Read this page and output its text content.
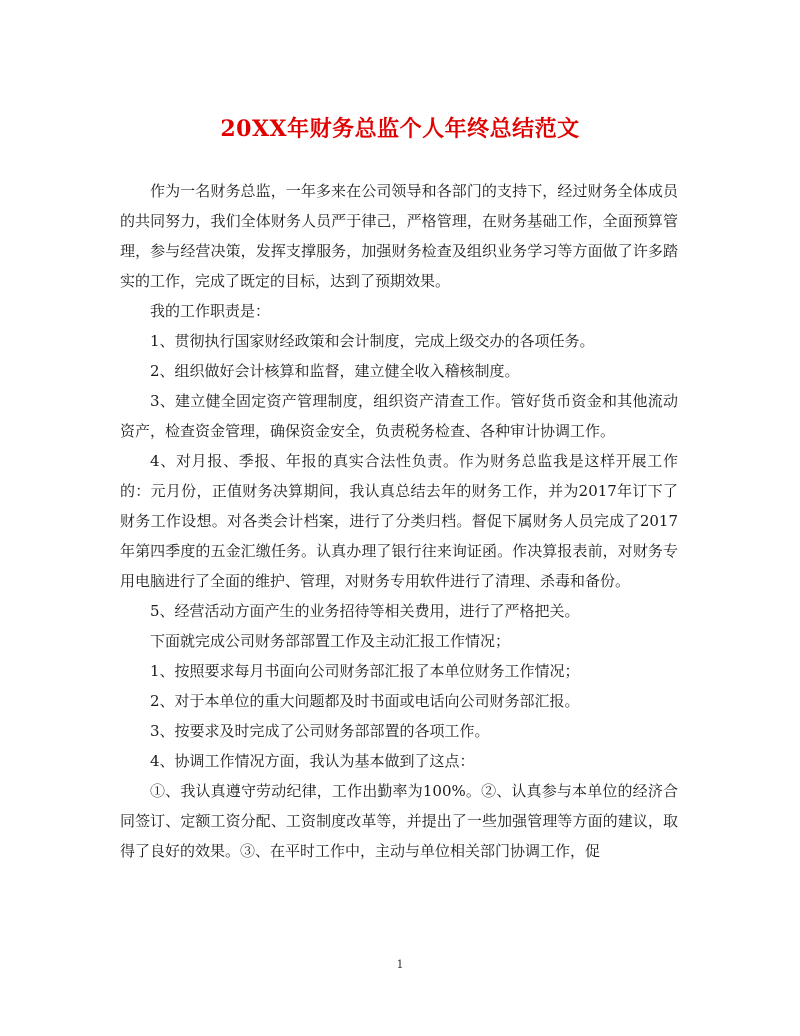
20XX年财务总监个人年终总结范文

作为一名财务总监，一年多来在公司领导和各部门的支持下，经过财务全体成员的共同努力，我们全体财务人员严于律己，严格管理，在财务基础工作，全面预算管理，参与经营决策，发挥支撑服务，加强财务检查及组织业务学习等方面做了许多踏实的工作，完成了既定的目标，达到了预期效果。

我的工作职责是：

1、贯彻执行国家财经政策和会计制度，完成上级交办的各项任务。

2、组织做好会计核算和监督，建立健全收入稽核制度。

3、建立健全固定资产管理制度，组织资产清查工作。管好货币资金和其他流动资产，检查资金管理，确保资金安全，负责税务检查、各种审计协调工作。

4、对月报、季报、年报的真实合法性负责。作为财务总监我是这样开展工作的：元月份，正值财务决算期间，我认真总结去年的财务工作，并为2017年订下了财务工作设想。对各类会计档案，进行了分类归档。督促下属财务人员完成了2017年第四季度的五金汇缴任务。认真办理了银行往来询证函。作决算报表前，对财务专用电脑进行了全面的维护、管理，对财务专用软件进行了清理、杀毒和备份。

5、经营活动方面产生的业务招待等相关费用，进行了严格把关。

下面就完成公司财务部部置工作及主动汇报工作情况；

1、按照要求每月书面向公司财务部汇报了本单位财务工作情况；

2、对于本单位的重大问题都及时书面或电话向公司财务部汇报。

3、按要求及时完成了公司财务部部置的各项工作。

4、协调工作情况方面，我认为基本做到了这点：

①、我认真遵守劳动纪律，工作出勤率为100%。②、认真参与本单位的经济合同签订、定额工资分配、工资制度改革等，并提出了一些加强管理等方面的建议，取得了良好的效果。③、在平时工作中，主动与单位相关部门协调工作，促

1
